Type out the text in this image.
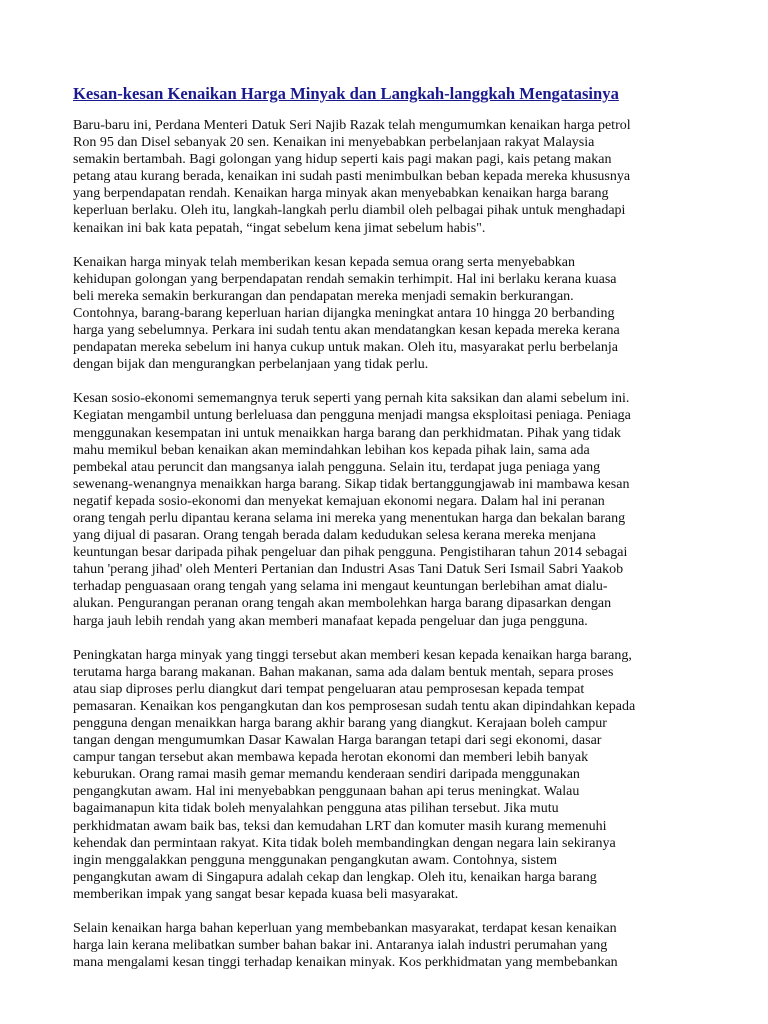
Kesan-kesan Kenaikan Harga Minyak dan Langkah-langgkah Mengatasinya
Baru-baru ini, Perdana Menteri Datuk Seri Najib Razak telah mengumumkan kenaikan harga petrol
Ron 95 dan Disel sebanyak 20 sen. Kenaikan ini menyebabkan perbelanjaan rakyat Malaysia
semakin bertambah. Bagi golongan yang hidup seperti kais pagi makan pagi, kais petang makan
petang atau kurang berada, kenaikan ini sudah pasti menimbulkan beban kepada mereka khususnya
yang berpendapatan rendah. Kenaikan harga minyak akan menyebabkan kenaikan harga barang
keperluan berlaku. Oleh itu, langkah-langkah perlu diambil oleh pelbagai pihak untuk menghadapi
kenaikan ini bak kata pepatah, “ingat sebelum kena jimat sebelum habis".
Kenaikan harga minyak telah memberikan kesan kepada semua orang serta menyebabkan
kehidupan golongan yang berpendapatan rendah semakin terhimpit. Hal ini berlaku kerana kuasa
beli mereka semakin berkurangan dan pendapatan mereka menjadi semakin berkurangan.
Contohnya, barang-barang keperluan harian dijangka meningkat antara 10 hingga 20 berbanding
harga yang sebelumnya. Perkara ini sudah tentu akan mendatangkan kesan kepada mereka kerana
pendapatan mereka sebelum ini hanya cukup untuk makan. Oleh itu, masyarakat perlu berbelanja
dengan bijak dan mengurangkan perbelanjaan yang tidak perlu.
Kesan sosio-ekonomi sememangnya teruk seperti yang pernah kita saksikan dan alami sebelum ini.
Kegiatan mengambil untung berleluasa dan pengguna menjadi mangsa eksploitasi peniaga. Peniaga
menggunakan kesempatan ini untuk menaikkan harga barang dan perkhidmatan. Pihak yang tidak
mahu memikul beban kenaikan akan memindahkan lebihan kos kepada pihak lain, sama ada
pembekal atau peruncit dan mangsanya ialah pengguna. Selain itu, terdapat juga peniaga yang
sewenang-wenangnya menaikkan harga barang. Sikap tidak bertanggungjawab ini mambawa kesan
negatif kepada sosio-ekonomi dan menyekat kemajuan ekonomi negara. Dalam hal ini peranan
orang tengah perlu dipantau kerana selama ini mereka yang menentukan harga dan bekalan barang
yang dijual di pasaran. Orang tengah berada dalam kedudukan selesa kerana mereka menjana
keuntungan besar daripada pihak pengeluar dan pihak pengguna. Pengistiharan tahun 2014 sebagai
tahun 'perang jihad' oleh Menteri Pertanian dan Industri Asas Tani Datuk Seri Ismail Sabri Yaakob
terhadap penguasaan orang tengah yang selama ini mengaut keuntungan berlebihan amat dialu-
alukan. Pengurangan peranan orang tengah akan membolehkan harga barang dipasarkan dengan
harga jauh lebih rendah yang akan memberi manafaat kepada pengeluar dan juga pengguna.
Peningkatan harga minyak yang tinggi tersebut akan memberi kesan kepada kenaikan harga barang,
terutama harga barang makanan. Bahan makanan, sama ada dalam bentuk mentah, separa proses
atau siap diproses perlu diangkut dari tempat pengeluaran atau pemprosesan kepada tempat
pemasaran. Kenaikan kos pengangkutan dan kos pemprosesan sudah tentu akan dipindahkan kepada
pengguna dengan menaikkan harga barang akhir barang yang diangkut. Kerajaan boleh campur
tangan dengan mengumumkan Dasar Kawalan Harga barangan tetapi dari segi ekonomi, dasar
campur tangan tersebut akan membawa kepada herotan ekonomi dan memberi lebih banyak
keburukan. Orang ramai masih gemar memandu kenderaan sendiri daripada menggunakan
pengangkutan awam. Hal ini menyebabkan penggunaan bahan api terus meningkat. Walau
bagaimanapun kita tidak boleh menyalahkan pengguna atas pilihan tersebut. Jika mutu
perkhidmatan awam baik bas, teksi dan kemudahan LRT dan komuter masih kurang memenuhi
kehendak dan permintaan rakyat. Kita tidak boleh membandingkan dengan negara lain sekiranya
ingin menggalakkan pengguna menggunakan pengangkutan awam. Contohnya, sistem
pengangkutan awam di Singapura adalah cekap dan lengkap. Oleh itu, kenaikan harga barang
memberikan impak yang sangat besar kepada kuasa beli masyarakat.
Selain kenaikan harga bahan keperluan yang membebankan masyarakat, terdapat kesan kenaikan
harga lain kerana melibatkan sumber bahan bakar ini. Antaranya ialah industri perumahan yang
mana mengalami kesan tinggi terhadap kenaikan minyak. Kos perkhidmatan yang membebankan
